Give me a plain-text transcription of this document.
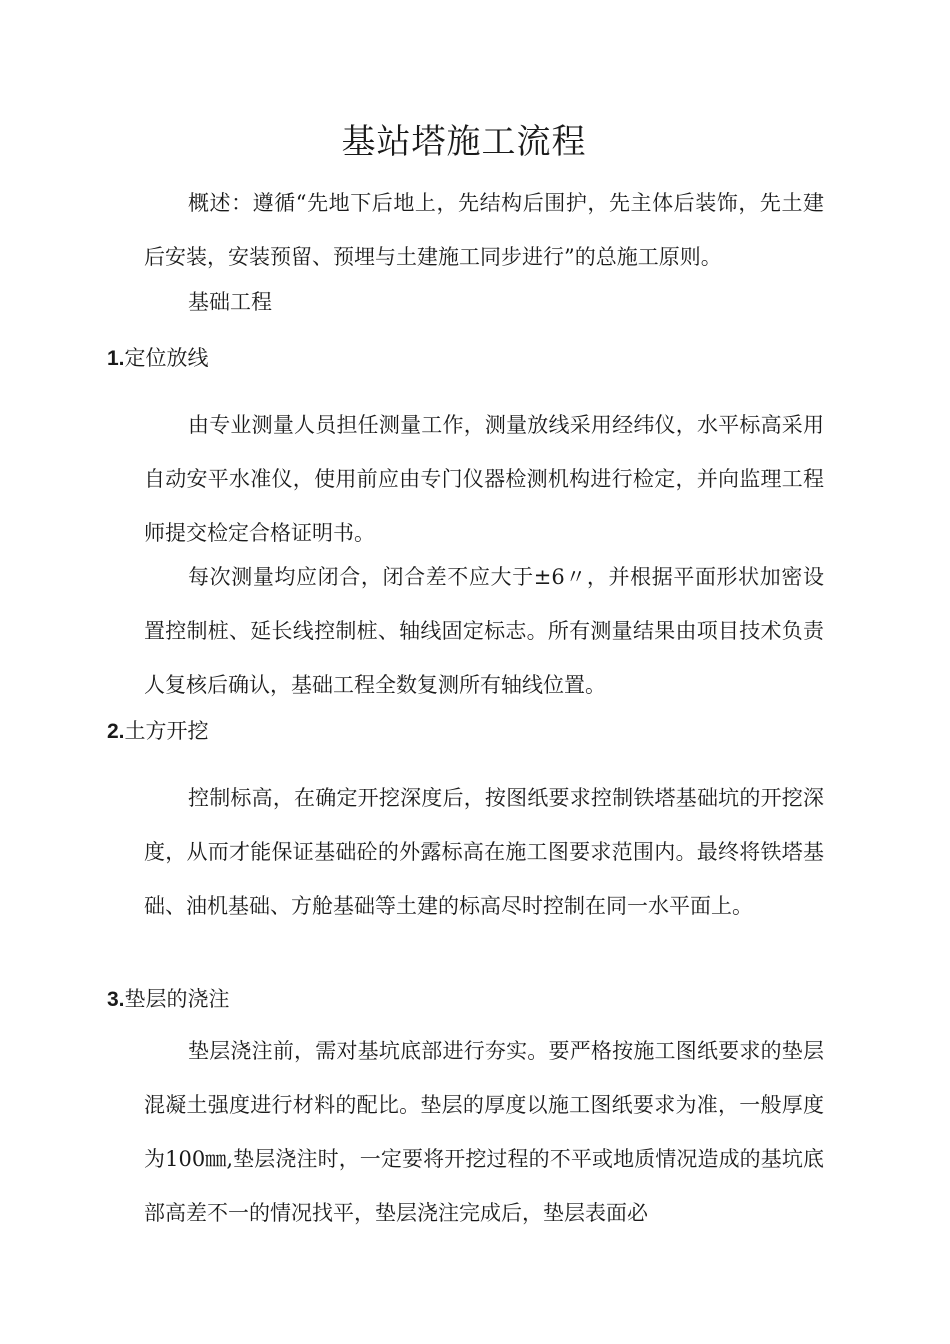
基站塔施工流程

概述：遵循“先地下后地上，先结构后围护，先主体后装饰，先土建后安装，安装预留、预埋与土建施工同步进行”的总施工原则。

基础工程

1.定位放线

由专业测量人员担任测量工作，测量放线采用经纬仪，水平标高采用自动安平水准仪，使用前应由专门仪器检测机构进行检定，并向监理工程师提交检定合格证明书。

每次测量均应闭合，闭合差不应大于±6〃，并根据平面形状加密设置控制桩、延长线控制桩、轴线固定标志。所有测量结果由项目技术负责人复核后确认，基础工程全数复测所有轴线位置。

2.土方开挖

控制标高，在确定开挖深度后，按图纸要求控制铁塔基础坑的开挖深度，从而才能保证基础砼的外露标高在施工图要求范围内。最终将铁塔基础、油机基础、方舱基础等土建的标高尽时控制在同一水平面上。

3.垫层的浇注

垫层浇注前，需对基坑底部进行夯实。要严格按施工图纸要求的垫层混凝土强度进行材料的配比。垫层的厚度以施工图纸要求为准，一般厚度为100㎜,垫层浇注时，一定要将开挖过程的不平或地质情况造成的基坑底部高差不一的情况找平，垫层浇注完成后，垫层表面必
